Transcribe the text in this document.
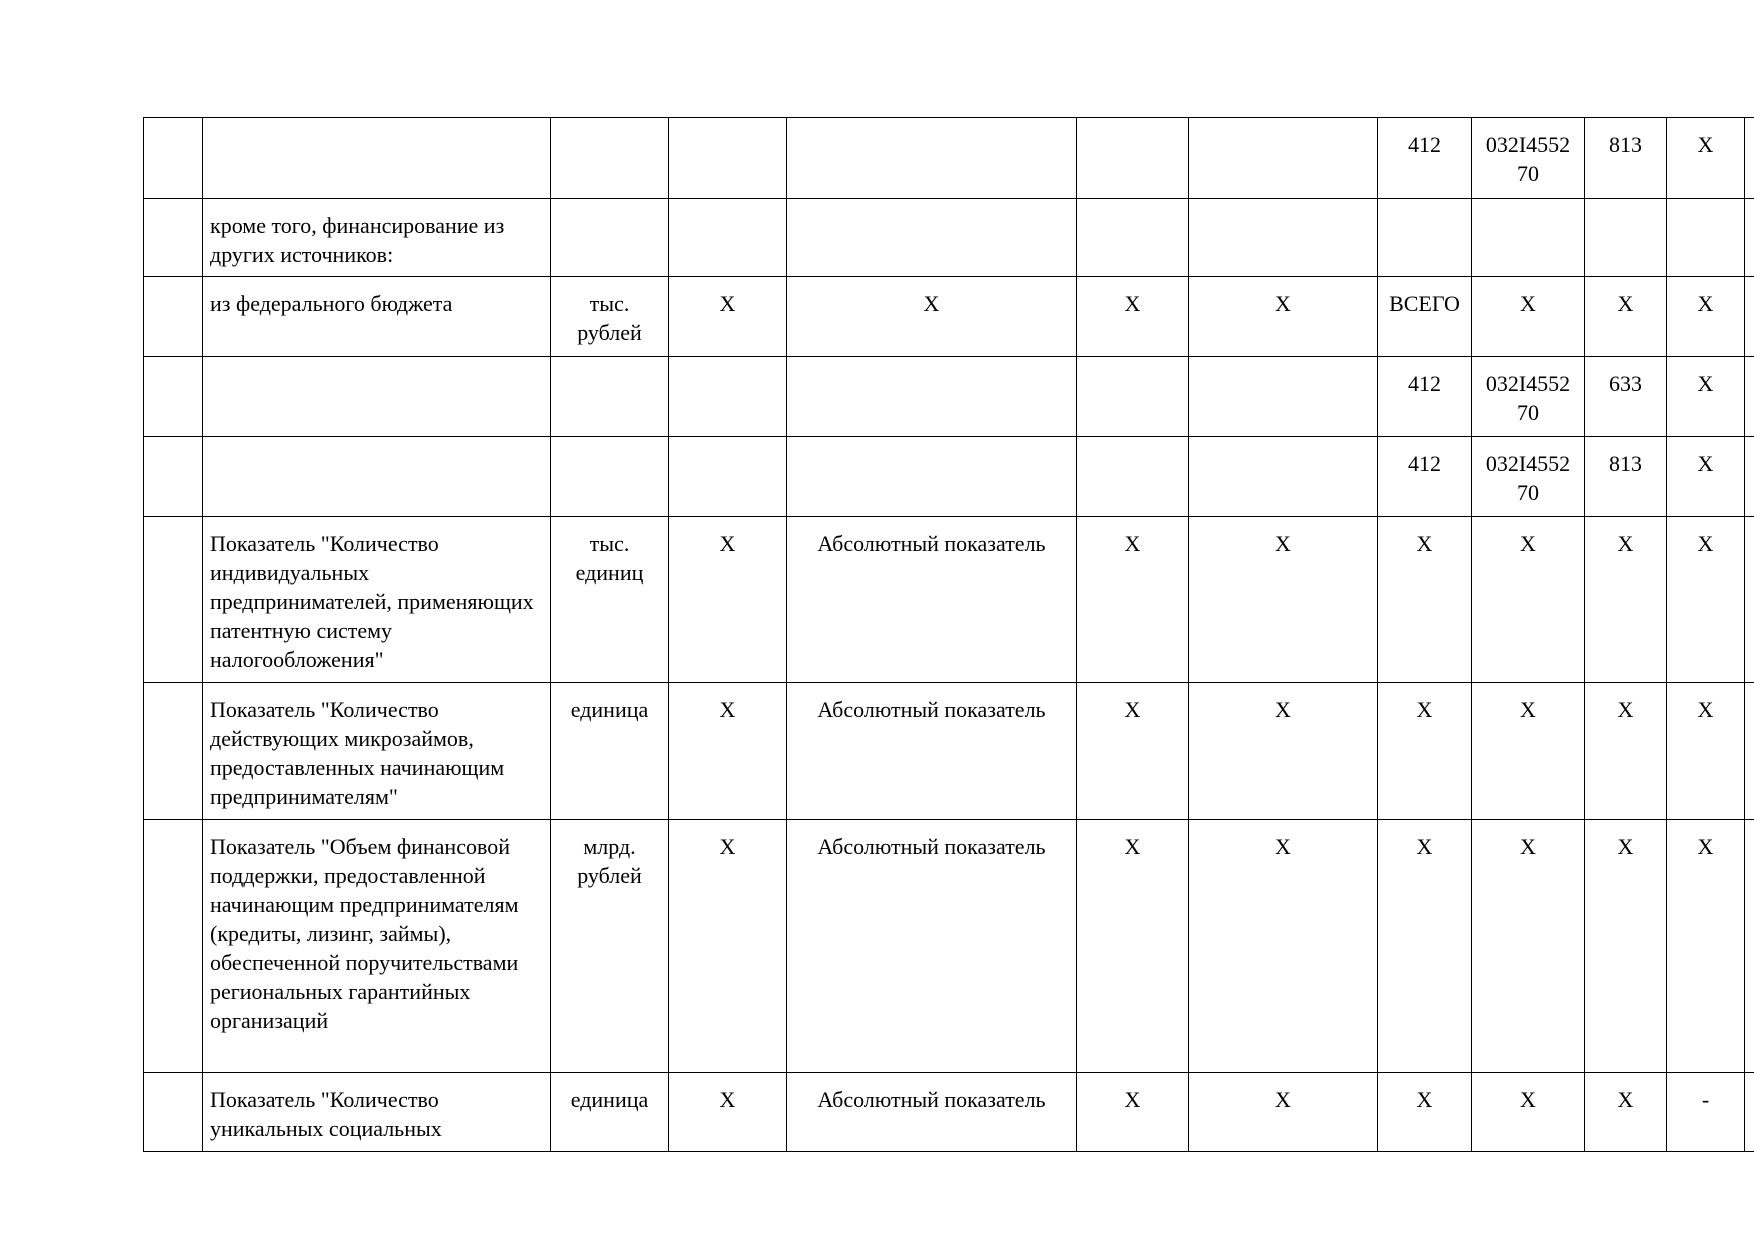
							412	032I4552 70	813	X	
	кроме того, финансирование из других источников:										
	из федерального бюджета	тыс. рублей	X	X	X	X	ВСЕГО	X	X	X	
							412	032I4552 70	633	X	
							412	032I4552 70	813	X	
	Показатель "Количество индивидуальных предпринимателей, применяющих патентную систему налогообложения"	тыс. единиц	X	Абсолютный показатель	X	X	X	X	X	X	
	Показатель "Количество действующих микрозаймов, предоставленных начинающим предпринимателям"	единица	X	Абсолютный показатель	X	X	X	X	X	X	
	Показатель "Объем финансовой поддержки, предоставленной начинающим предпринимателям (кредиты, лизинг, займы), обеспеченной поручительствами региональных гарантийных организаций	млрд. рублей	X	Абсолютный показатель	X	X	X	X	X	X	
	Показатель "Количество уникальных социальных	единица	X	Абсолютный показатель	X	X	X	X	X	-	
